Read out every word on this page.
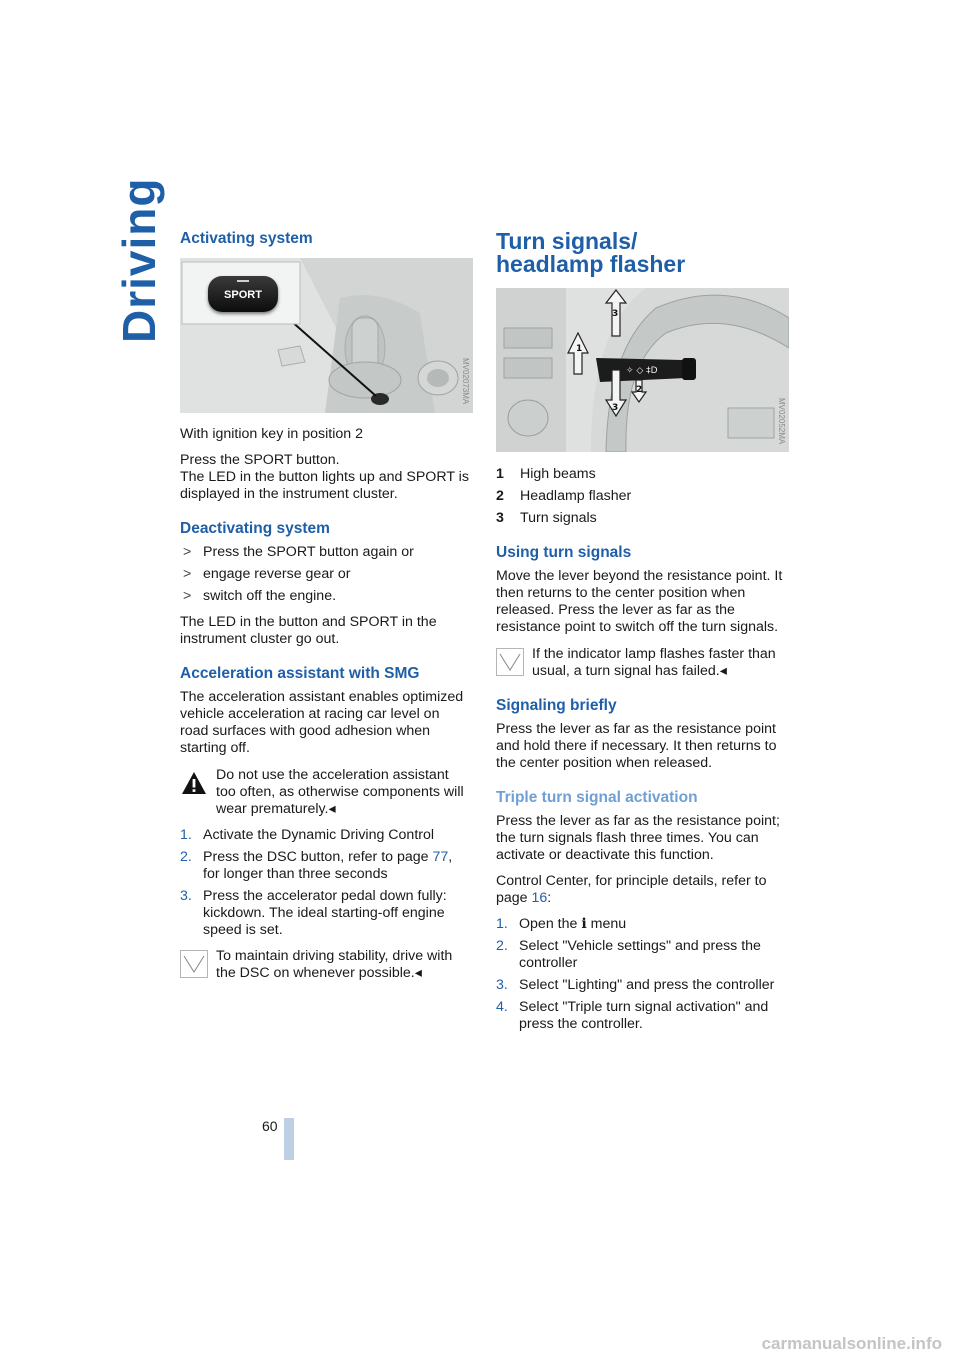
Driving Activating system
SPORT
MV02073MA

With ignition key in position 2

Press the SPORT button.
The LED in the button lights up and SPORT is displayed in the instrument cluster.

Deactivating system
> Press the SPORT button again or
> engage reverse gear or
> switch off the engine.

The LED in the button and SPORT in the instrument cluster go out.

Acceleration assistant with SMG

The acceleration assistant enables optimized vehicle acceleration at racing car level on road surfaces with good adhesion when starting off.

Do not use the acceleration assistant too often, as otherwise components will wear prematurely.◂
1. Activate the Dynamic Driving Control
2. Press the DSC button, refer to page 77, for longer than three seconds
3. Press the accelerator pedal down fully: kickdown. The ideal starting-off engine speed is set.
To maintain driving stability, drive with the DSC on whenever possible.◂
Turn signals/
headlamp flasher
✧ ◇ ‡D
1
3
3
2
MV02052MA
1	High beams
2	Headlamp flasher
3	Turn signals
Using turn signals

Move the lever beyond the resistance point. It then returns to the center position when released. Press the lever as far as the resistance point to switch off the turn signals.

If the indicator lamp flashes faster than usual, a turn signal has failed.◂
Signaling briefly

Press the lever as far as the resistance point and hold there if necessary. It then returns to the center position when released.

Triple turn signal activation

Press the lever as far as the resistance point; the turn signals flash three times. You can activate or deactivate this function.

Control Center, for principle details, refer to page 16:

1. Open the i menu
2. Select "Vehicle settings" and press the controller
3. Select "Lighting" and press the controller
4. Select "Triple turn signal activation" and press the controller.
60
carmanualsonline.info
